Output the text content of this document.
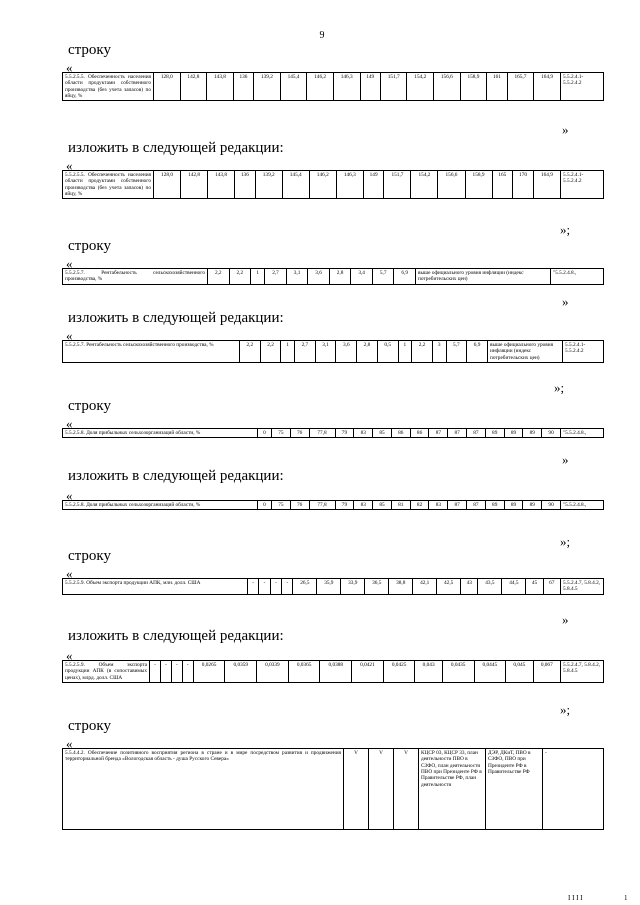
9
строку
«
5.5.2.5.5. Обеспеченность населения области продуктами собственного производства (без учета запасов) по яйцу, %	128,0	142,8	143,8	136	139,2	145,4	146,2	146,3	149	151,7	154,2	156,6	158,9	161	165,7	164,9	5.5.2.4.1-5.5.2.4.2
»
изложить в следующей редакции:
«
5.5.2.5.5. Обеспеченность населения области продуктами собственного производства (без учета запасов) по яйцу, %	128,0	142,8	143,8	136	139,2	145,4	146,2	146,3	149	151,7	154,2	156,6	158,9	165	170	164,9	5.5.2.4.1-5.5.2.4.2
»;
строку
«
5.5.2.5.7. Рентабельность сельскохозяйственного производства, %	2,2	2,2	1	2,7	3,1	3,6	2,8	3,4	5,7	6,9	выше официального уровня инфляции (индекс потребительских цен)	"5.5.2.4.8.,
»
изложить в следующей редакции:
«
5.5.2.5.7. Рентабельность сельскохозяйственного производства, %	2,2	2,2	1	2,7	3,1	3,6	2,8	0,5	1	2,2	3	5,7	6,9	выше официального уровня инфляции (индекс потребительских цен)	5.5.2.4.1-5.5.2.4.2
»;
строку
«
5.5.2.5.8. Доля прибыльных сельхозорганизаций области, %	0	75	76	77,8	79	83	85	86	86	87	87	87	89	89	89	90	"5.5.2.4.8.,
»
изложить в следующей редакции:
«
5.5.2.5.8. Доля прибыльных сельхозорганизаций области, %	0	75	76	77,8	79	83	85	81	82	83	87	87	89	89	89	90	"5.5.2.4.8.,
»;
строку
«
5.5.2.5.9. Объем экспорта продукции АПК, млн. долл. США	-	-	-	-	26,5	35,9	33,9	36,5	38,8	42,1	42,5	43	43,5	44,5	45	67	5.5.2.4.7, 5.8.4.2, 5.8.4.5
»
изложить в следующей редакции:
«
5.5.2.5.9. Объем экспорта продукции АПК (в сопоставимых ценах), млрд. долл. США	-	-	-	-	0,0265	0,0359	0,0339	0,0365	0,0388	0,0421	0,0425	0,043	0,0435	0,0445	0,045	0,067	5.5.2.4.7, 5.8.4.2, 5.8.4.5
»;
строку
«
5.5.4.4.2. Обеспечение позитивного восприятия региона в стране и в мире посредством развития и продвижения территориальной бренда «Вологодская область - душа Русского Севера»	V	V	V	КЦСР 03, КЦСР 33, план деятельности ПВО в СЗФО, план деятельности ПВО при Президенте РФ в Правительстве РФ, план деятельности	ДЭР, ДКиТ, ПВО в СЗФО, ПВО при Президенте РФ в Правительстве РФ	-
I I I I	1
